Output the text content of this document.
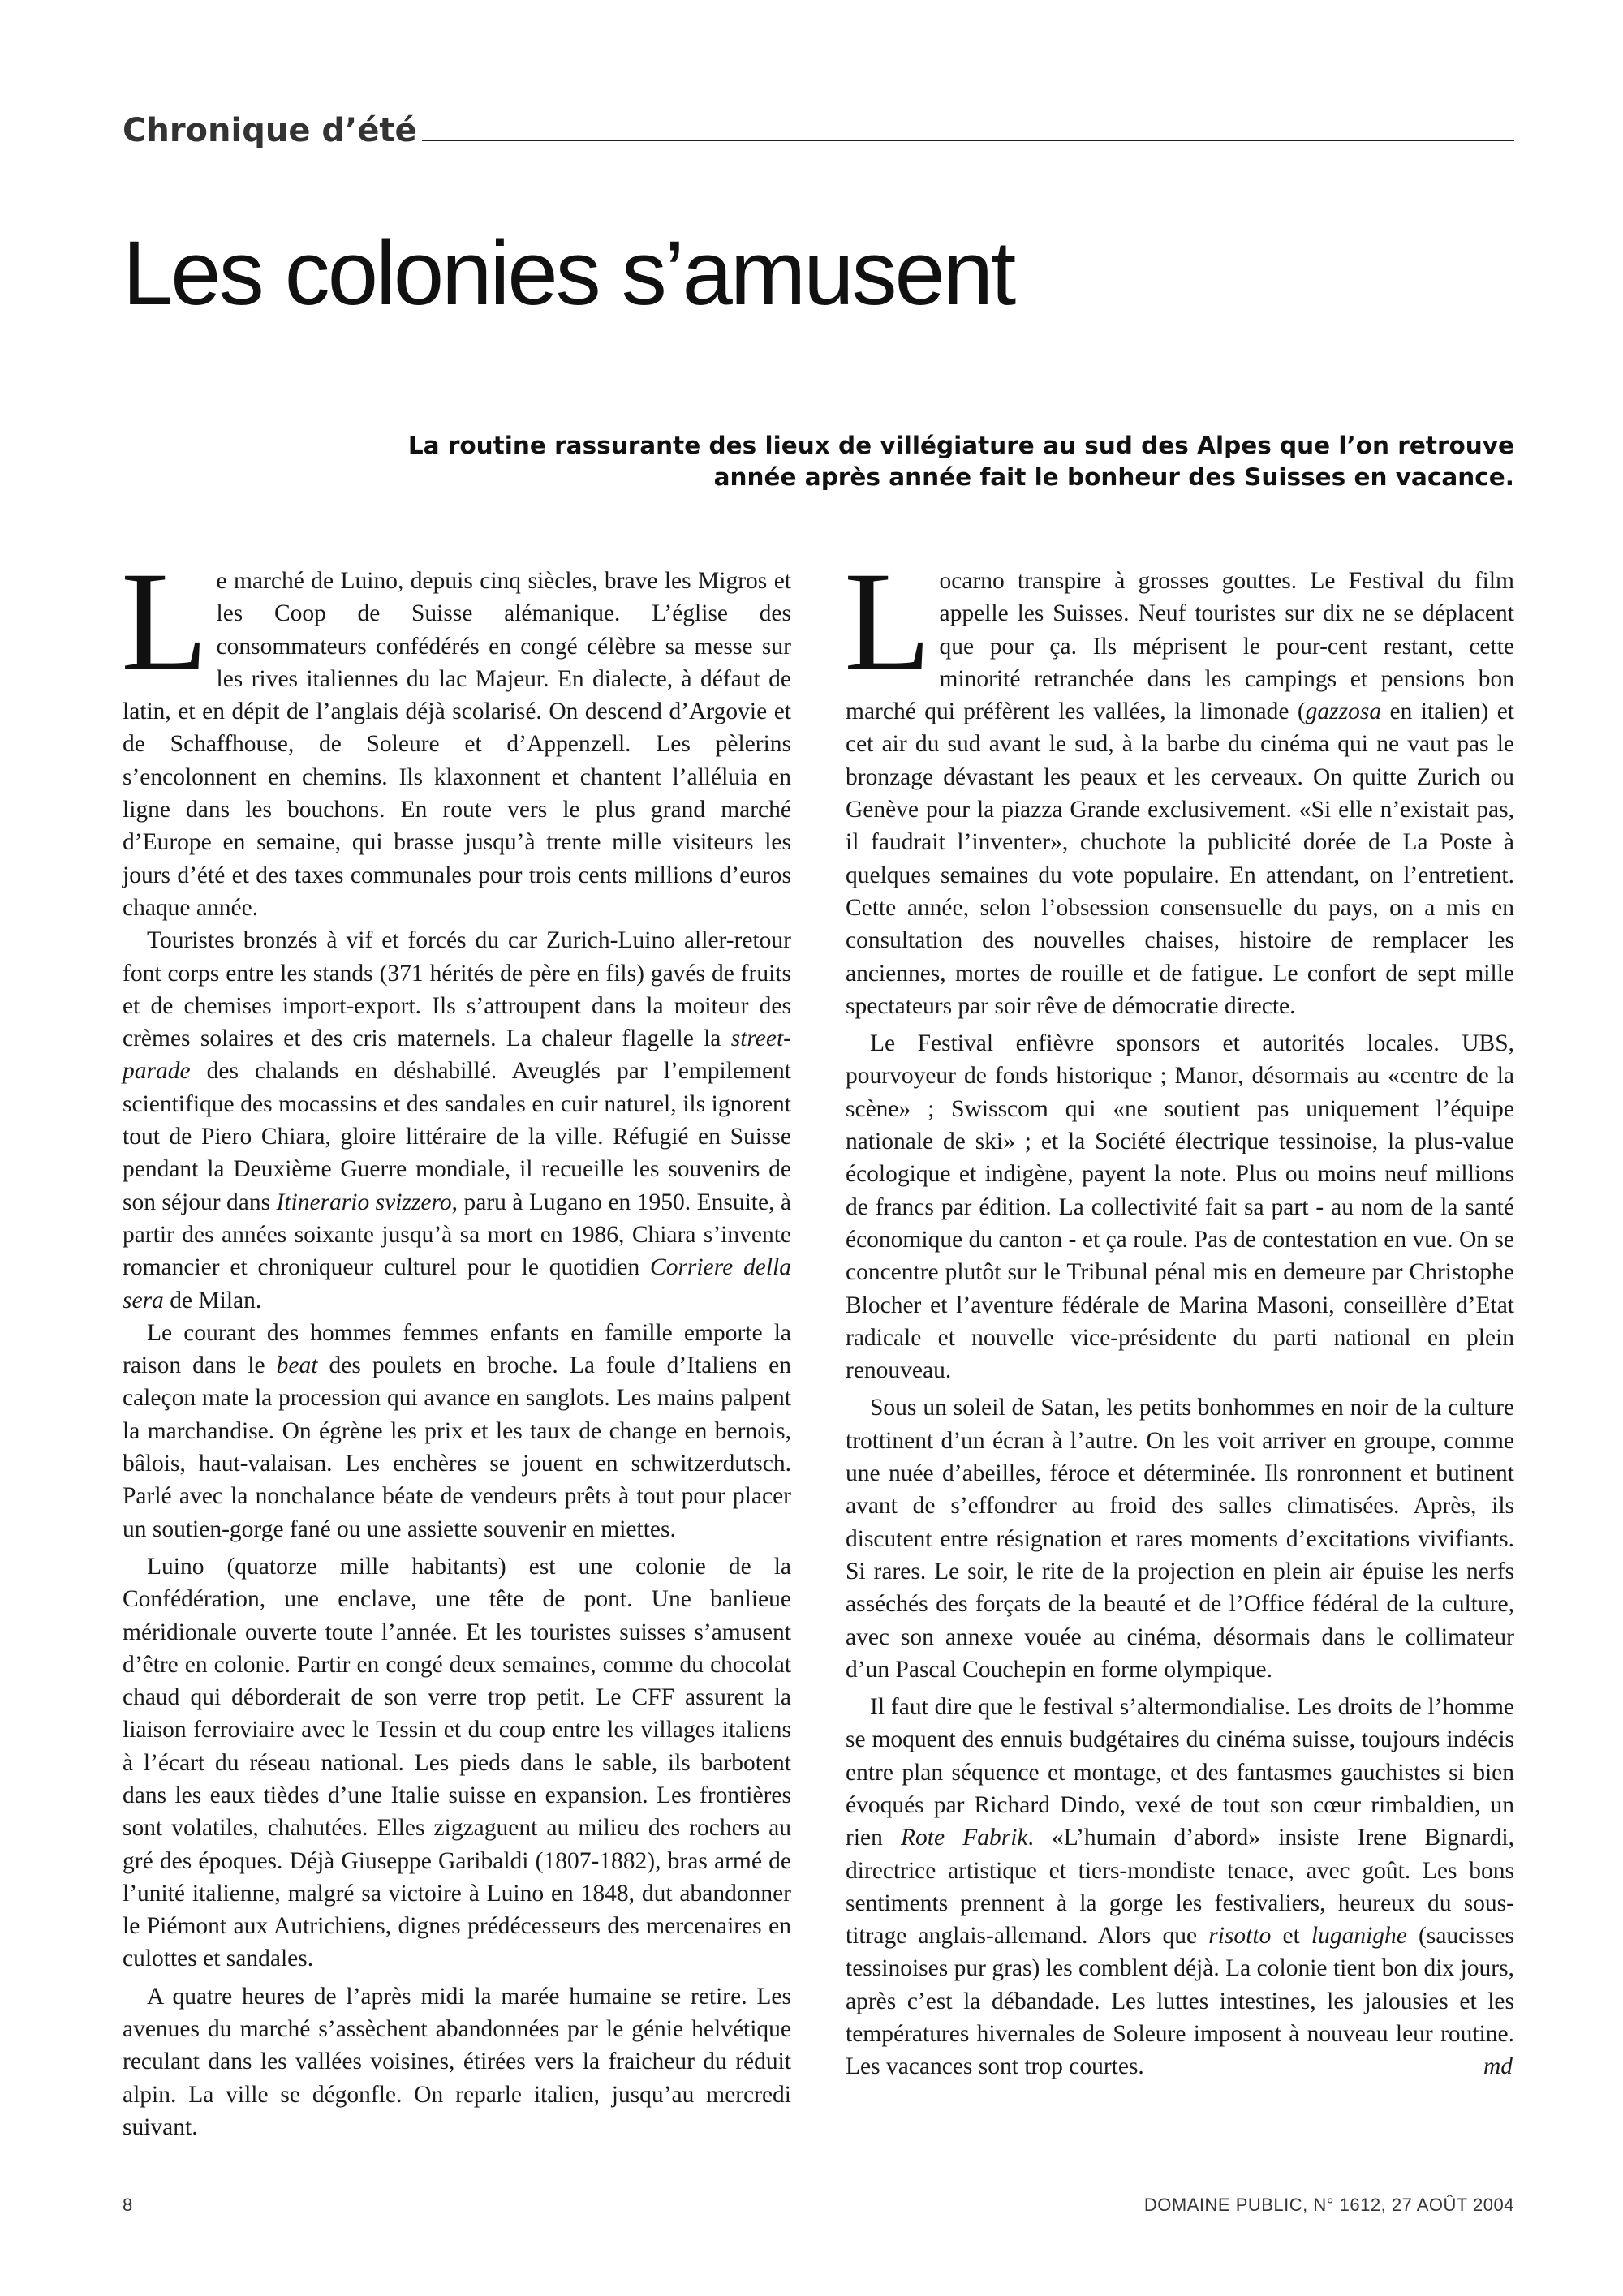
Chronique d’été
Les colonies s’amusent
La routine rassurante des lieux de villégiature au sud des Alpes que l’on retrouve année après année fait le bonheur des Suisses en vacance.

Le marché de Luino, depuis cinq siècles, brave les Migros et les Coop de Suisse alémanique. L’église des consommateurs confédérés en congé célèbre sa messe sur les rives italiennes du lac Majeur. En dialecte, à défaut de latin, et en dépit de l’anglais déjà scolarisé. On descend d’Argovie et de Schaffhouse, de Soleure et d’Appenzell. Les pèlerins s’encolonnent en chemins. Ils klaxonnent et chantent l’alléluia en ligne dans les bouchons. En route vers le plus grand marché d’Europe en semaine, qui brasse jusqu’à trente mille visiteurs les jours d’été et des taxes communales pour trois cents millions d’euros chaque année.

Touristes bronzés à vif et forcés du car Zurich-Luino aller-retour font corps entre les stands (371 hérités de père en fils) gavés de fruits et de chemises import-export. Ils s’attroupent dans la moiteur des crèmes solaires et des cris maternels. La chaleur flagelle la street-parade des chalands en déshabillé. Aveuglés par l’empilement scientifique des mocassins et des sandales en cuir naturel, ils ignorent tout de Piero Chiara, gloire littéraire de la ville. Réfugié en Suisse pendant la Deuxième Guerre mondiale, il recueille les souvenirs de son séjour dans Itinerario svizzero, paru à Lugano en 1950. Ensuite, à partir des années soixante jusqu’à sa mort en 1986, Chiara s’invente romancier et chroniqueur culturel pour le quotidien Corriere della sera de Milan.

Le courant des hommes femmes enfants en famille emporte la raison dans le beat des poulets en broche. La foule d’Italiens en caleçon mate la procession qui avance en sanglots. Les mains palpent la marchandise. On égrène les prix et les taux de change en bernois, bâlois, haut-valaisan. Les enchères se jouent en schwitzerdutsch. Parlé avec la nonchalance béate de vendeurs prêts à tout pour placer un soutien-gorge fané ou une assiette souvenir en miettes.

Luino (quatorze mille habitants) est une colonie de la Confédération, une enclave, une tête de pont. Une banlieue méridionale ouverte toute l’année. Et les touristes suisses s’amusent d’être en colonie. Partir en congé deux semaines, comme du chocolat chaud qui déborderait de son verre trop petit. Le CFF assurent la liaison ferroviaire avec le Tessin et du coup entre les villages italiens à l’écart du réseau national. Les pieds dans le sable, ils barbotent dans les eaux tièdes d’une Italie suisse en expansion. Les frontières sont volatiles, chahutées. Elles zigzaguent au milieu des rochers au gré des époques. Déjà Giuseppe Garibaldi (1807-1882), bras armé de l’unité italienne, malgré sa victoire à Luino en 1848, dut abandonner le Piémont aux Autrichiens, dignes prédécesseurs des mercenaires en culottes et sandales.

A quatre heures de l’après midi la marée humaine se retire. Les avenues du marché s’assèchent abandonnées par le génie helvétique reculant dans les vallées voisines, étirées vers la fraicheur du réduit alpin. La ville se dégonfle. On reparle italien, jusqu’au mercredi suivant.

Locarno transpire à grosses gouttes. Le Festival du film appelle les Suisses. Neuf touristes sur dix ne se déplacent que pour ça. Ils méprisent le pour-cent restant, cette minorité retranchée dans les campings et pensions bon marché qui préfèrent les vallées, la limonade (gazzosa en italien) et cet air du sud avant le sud, à la barbe du cinéma qui ne vaut pas le bronzage dévastant les peaux et les cerveaux. On quitte Zurich ou Genève pour la piazza Grande exclusivement. «Si elle n’existait pas, il faudrait l’inventer», chuchote la publicité dorée de La Poste à quelques semaines du vote populaire. En attendant, on l’entretient. Cette année, selon l’obsession consensuelle du pays, on a mis en consultation des nouvelles chaises, histoire de remplacer les anciennes, mortes de rouille et de fatigue. Le confort de sept mille spectateurs par soir rêve de démocratie directe.

Le Festival enfièvre sponsors et autorités locales. UBS, pourvoyeur de fonds historique ; Manor, désormais au «centre de la scène» ; Swisscom qui «ne soutient pas uniquement l’équipe nationale de ski» ; et la Société électrique tessinoise, la plus-value écologique et indigène, payent la note. Plus ou moins neuf millions de francs par édition. La collectivité fait sa part - au nom de la santé économique du canton - et ça roule. Pas de contestation en vue. On se concentre plutôt sur le Tribunal pénal mis en demeure par Christophe Blocher et l’aventure fédérale de Marina Masoni, conseillère d’Etat radicale et nouvelle vice-présidente du parti national en plein renouveau.

Sous un soleil de Satan, les petits bonhommes en noir de la culture trottinent d’un écran à l’autre. On les voit arriver en groupe, comme une nuée d’abeilles, féroce et déterminée. Ils ronronnent et butinent avant de s’effondrer au froid des salles climatisées. Après, ils discutent entre résignation et rares moments d’excitations vivifiants. Si rares. Le soir, le rite de la projection en plein air épuise les nerfs asséchés des forçats de la beauté et de l’Office fédéral de la culture, avec son annexe vouée au cinéma, désormais dans le collimateur d’un Pascal Couchepin en forme olympique.

Il faut dire que le festival s’altermondialise. Les droits de l’homme se moquent des ennuis budgétaires du cinéma suisse, toujours indécis entre plan séquence et montage, et des fantasmes gauchistes si bien évoqués par Richard Dindo, vexé de tout son cœur rimbaldien, un rien Rote Fabrik. «L’humain d’abord» insiste Irene Bignardi, directrice artistique et tiers-mondiste tenace, avec goût. Les bons sentiments prennent à la gorge les festivaliers, heureux du sous-titrage anglais-allemand. Alors que risotto et luganighe (saucisses tessinoises pur gras) les comblent déjà. La colonie tient bon dix jours, après c’est la débandade. Les luttes intestines, les jalousies et les températures hivernales de Soleure imposent à nouveau leur routine. Les vacances sont trop courtes.	md

8	DOMAINE PUBLIC, N° 1612, 27 AOÛT 2004
